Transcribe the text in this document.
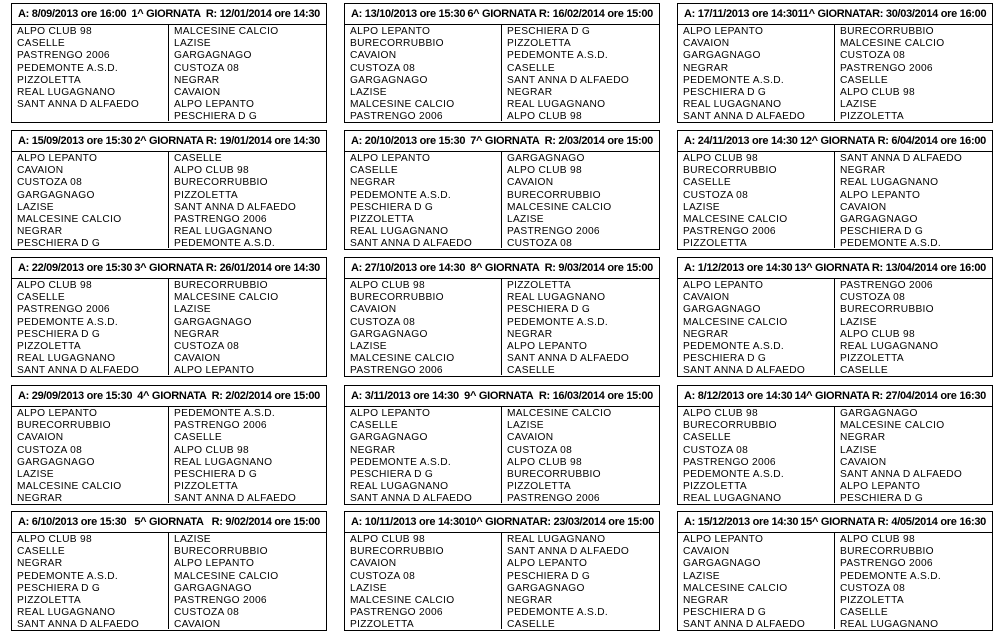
A: 8/09/2013 ore 16:00 1^ GIORNATA R: 12/01/2014 ore 14:30
ALPO CLUB 98
CASELLE
PASTRENGO 2006
PEDEMONTE A.S.D.
PIZZOLETTA
REAL LUGAGNANO
SANT ANNA D ALFAEDO
MALCESINE CALCIO
LAZISE
GARGAGNAGO
CUSTOZA 08
NEGRAR
CAVAION
ALPO LEPANTO
PESCHIERA D G
A: 13/10/2013 ore 15:30 6^ GIORNATA R: 16/02/2014 ore 15:00
ALPO LEPANTO
BURECORRUBBIO
CAVAION
CUSTOZA 08
GARGAGNAGO
LAZISE
MALCESINE CALCIO
PASTRENGO 2006
PESCHIERA D G
PIZZOLETTA
PEDEMONTE A.S.D.
CASELLE
SANT ANNA D ALFAEDO
NEGRAR
REAL LUGAGNANO
ALPO CLUB 98
A: 17/11/2013 ore 14:30 11^ GIORNATA R: 30/03/2014 ore 16:00
ALPO LEPANTO
CAVAION
GARGAGNAGO
NEGRAR
PEDEMONTE A.S.D.
PESCHIERA D G
REAL LUGAGNANO
SANT ANNA D ALFAEDO
BURECORRUBBIO
MALCESINE CALCIO
CUSTOZA 08
PASTRENGO 2006
CASELLE
ALPO CLUB 98
LAZISE
PIZZOLETTA
A: 15/09/2013 ore 15:30 2^ GIORNATA R: 19/01/2014 ore 14:30
ALPO LEPANTO
CAVAION
CUSTOZA 08
GARGAGNAGO
LAZISE
MALCESINE CALCIO
NEGRAR
PESCHIERA D G
CASELLE
ALPO CLUB 98
BURECORRUBBIO
PIZZOLETTA
SANT ANNA D ALFAEDO
PASTRENGO 2006
REAL LUGAGNANO
PEDEMONTE A.S.D.
A: 20/10/2013 ore 15:30 7^ GIORNATA R: 2/03/2014 ore 15:00
ALPO LEPANTO
CASELLE
NEGRAR
PEDEMONTE A.S.D.
PESCHIERA D G
PIZZOLETTA
REAL LUGAGNANO
SANT ANNA D ALFAEDO
GARGAGNAGO
ALPO CLUB 98
CAVAION
BURECORRUBBIO
MALCESINE CALCIO
LAZISE
PASTRENGO 2006
CUSTOZA 08
A: 24/11/2013 ore 14:30 12^ GIORNATA R: 6/04/2014 ore 16:00
ALPO CLUB 98
BURECORRUBBIO
CASELLE
CUSTOZA 08
LAZISE
MALCESINE CALCIO
PASTRENGO 2006
PIZZOLETTA
SANT ANNA D ALFAEDO
NEGRAR
REAL LUGAGNANO
ALPO LEPANTO
CAVAION
GARGAGNAGO
PESCHIERA D G
PEDEMONTE A.S.D.
A: 22/09/2013 ore 15:30 3^ GIORNATA R: 26/01/2014 ore 14:30
ALPO CLUB 98
CASELLE
PASTRENGO 2006
PEDEMONTE A.S.D.
PESCHIERA D G
PIZZOLETTA
REAL LUGAGNANO
SANT ANNA D ALFAEDO
BURECORRUBBIO
MALCESINE CALCIO
LAZISE
GARGAGNAGO
NEGRAR
CUSTOZA 08
CAVAION
ALPO LEPANTO
A: 27/10/2013 ore 14:30 8^ GIORNATA R: 9/03/2014 ore 15:00
ALPO CLUB 98
BURECORRUBBIO
CAVAION
CUSTOZA 08
GARGAGNAGO
LAZISE
MALCESINE CALCIO
PASTRENGO 2006
PIZZOLETTA
REAL LUGAGNANO
PESCHIERA D G
PEDEMONTE A.S.D.
NEGRAR
ALPO LEPANTO
SANT ANNA D ALFAEDO
CASELLE
A: 1/12/2013 ore 14:30 13^ GIORNATA R: 13/04/2014 ore 16:00
ALPO LEPANTO
CAVAION
GARGAGNAGO
MALCESINE CALCIO
NEGRAR
PEDEMONTE A.S.D.
PESCHIERA D G
SANT ANNA D ALFAEDO
PASTRENGO 2006
CUSTOZA 08
BURECORRUBBIO
LAZISE
ALPO CLUB 98
REAL LUGAGNANO
PIZZOLETTA
CASELLE
A: 29/09/2013 ore 15:30 4^ GIORNATA R: 2/02/2014 ore 15:00
ALPO LEPANTO
BURECORRUBBIO
CAVAION
CUSTOZA 08
GARGAGNAGO
LAZISE
MALCESINE CALCIO
NEGRAR
PEDEMONTE A.S.D.
PASTRENGO 2006
CASELLE
ALPO CLUB 98
REAL LUGAGNANO
PESCHIERA D G
PIZZOLETTA
SANT ANNA D ALFAEDO
A: 3/11/2013 ore 14:30 9^ GIORNATA R: 16/03/2014 ore 15:00
ALPO LEPANTO
CASELLE
GARGAGNAGO
NEGRAR
PEDEMONTE A.S.D.
PESCHIERA D G
REAL LUGAGNANO
SANT ANNA D ALFAEDO
MALCESINE CALCIO
LAZISE
CAVAION
CUSTOZA 08
ALPO CLUB 98
BURECORRUBBIO
PIZZOLETTA
PASTRENGO 2006
A: 8/12/2013 ore 14:30 14^ GIORNATA R: 27/04/2014 ore 16:30
ALPO CLUB 98
BURECORRUBBIO
CASELLE
CUSTOZA 08
PASTRENGO 2006
PEDEMONTE A.S.D.
PIZZOLETTA
REAL LUGAGNANO
GARGAGNAGO
MALCESINE CALCIO
NEGRAR
LAZISE
CAVAION
SANT ANNA D ALFAEDO
ALPO LEPANTO
PESCHIERA D G
A: 6/10/2013 ore 15:30 5^ GIORNATA R: 9/02/2014 ore 15:00
ALPO CLUB 98
CASELLE
NEGRAR
PEDEMONTE A.S.D.
PESCHIERA D G
PIZZOLETTA
REAL LUGAGNANO
SANT ANNA D ALFAEDO
LAZISE
BURECORRUBBIO
ALPO LEPANTO
MALCESINE CALCIO
GARGAGNAGO
PASTRENGO 2006
CUSTOZA 08
CAVAION
A: 10/11/2013 ore 14:30 10^ GIORNATA R: 23/03/2014 ore 15:00
ALPO CLUB 98
BURECORRUBBIO
CAVAION
CUSTOZA 08
LAZISE
MALCESINE CALCIO
PASTRENGO 2006
PIZZOLETTA
REAL LUGAGNANO
SANT ANNA D ALFAEDO
ALPO LEPANTO
PESCHIERA D G
GARGAGNAGO
NEGRAR
PEDEMONTE A.S.D.
CASELLE
A: 15/12/2013 ore 14:30 15^ GIORNATA R: 4/05/2014 ore 16:30
ALPO LEPANTO
CAVAION
GARGAGNAGO
LAZISE
MALCESINE CALCIO
NEGRAR
PESCHIERA D G
SANT ANNA D ALFAEDO
ALPO CLUB 98
BURECORRUBBIO
PASTRENGO 2006
PEDEMONTE A.S.D.
CUSTOZA 08
PIZZOLETTA
CASELLE
REAL LUGAGNANO
